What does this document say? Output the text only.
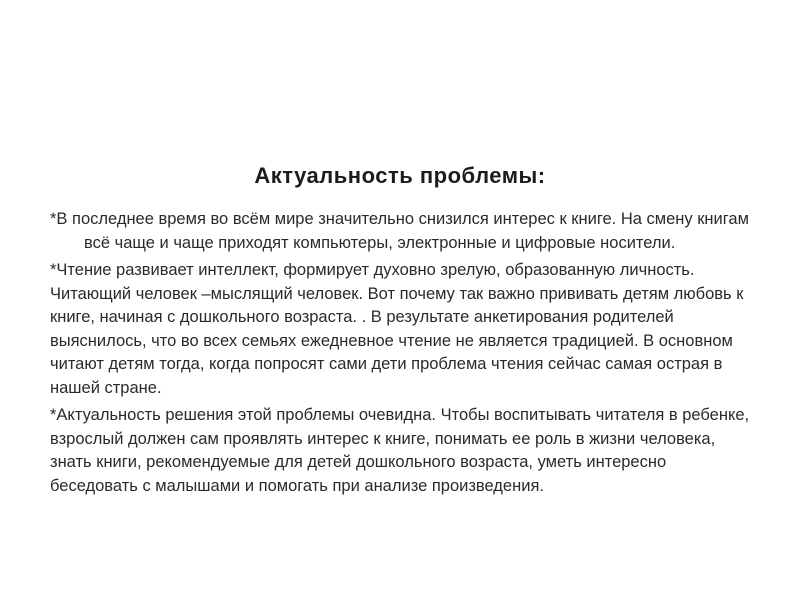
Актуальность проблемы:

*В последнее время во всём мире значительно снизился интерес к книге. На смену книгам всё чаще и чаще приходят компьютеры, электронные и цифровые носители.

*Чтение развивает интеллект, формирует духовно зрелую, образованную личность. Читающий человек –мыслящий человек. Вот почему так важно прививать детям любовь к книге, начиная с дошкольного возраста. . В результате анкетирования родителей выяснилось, что во всех семьях ежедневное чтение не является традицией. В основном читают детям тогда, когда попросят сами дети проблема чтения сейчас самая острая в нашей стране.

*Актуальность решения этой проблемы очевидна. Чтобы воспитывать читателя в ребенке, взрослый должен сам проявлять интерес к книге, понимать ее роль в жизни человека, знать книги, рекомендуемые для детей дошкольного возраста, уметь интересно беседовать с малышами и помогать при анализе произведения.
